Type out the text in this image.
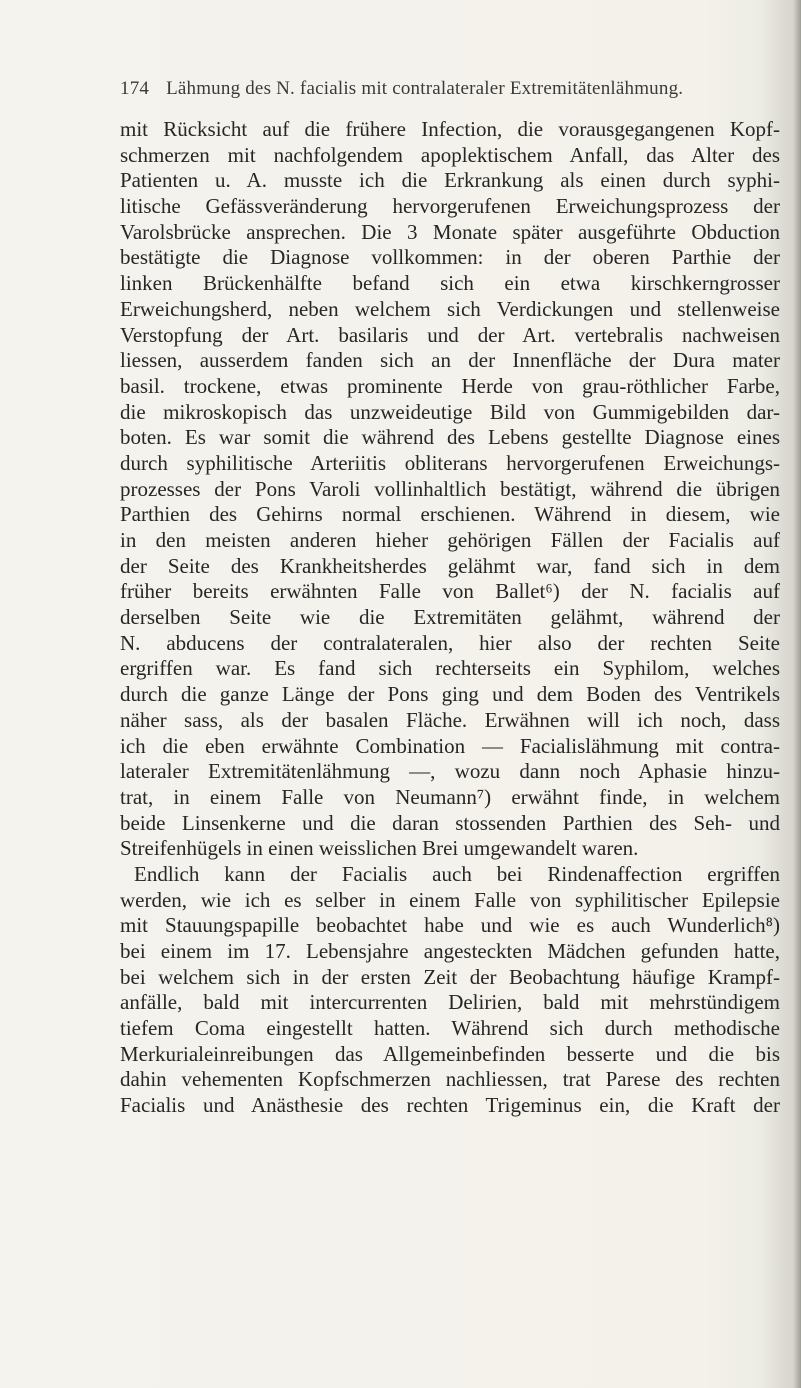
174 Lähmung des N. facialis mit contralateraler Extremitätenlähmung.
mit Rücksicht auf die frühere Infection, die vorausgegangenen Kopf-
schmerzen mit nachfolgendem apoplektischem Anfall, das Alter des
Patienten u. A. musste ich die Erkrankung als einen durch syphi-
litische Gefässveränderung hervorgerufenen Erweichungsprozess der
Varolsbrücke ansprechen. Die 3 Monate später ausgeführte Obduction
bestätigte die Diagnose vollkommen: in der oberen Parthie der
linken Brückenhälfte befand sich ein etwa kirschkerngrosser
Erweichungsherd, neben welchem sich Verdickungen und stellenweise
Verstopfung der Art. basilaris und der Art. vertebralis nachweisen
liessen, ausserdem fanden sich an der Innenfläche der Dura mater
basil. trockene, etwas prominente Herde von grau-röthlicher Farbe,
die mikroskopisch das unzweideutige Bild von Gummigebilden dar-
boten. Es war somit die während des Lebens gestellte Diagnose eines
durch syphilitische Arteriitis obliterans hervorgerufenen Erweichungs-
prozesses der Pons Varoli vollinhaltlich bestätigt, während die übrigen
Parthien des Gehirns normal erschienen. Während in diesem, wie
in den meisten anderen hieher gehörigen Fällen der Facialis auf
der Seite des Krankheitsherdes gelähmt war, fand sich in dem
früher bereits erwähnten Falle von Ballet⁶) der N. facialis auf
derselben Seite wie die Extremitäten gelähmt, während der
N. abducens der contralateralen, hier also der rechten Seite
ergriffen war. Es fand sich rechterseits ein Syphilom, welches
durch die ganze Länge der Pons ging und dem Boden des Ventrikels
näher sass, als der basalen Fläche. Erwähnen will ich noch, dass
ich die eben erwähnte Combination — Facialislähmung mit contra-
lateraler Extremitätenlähmung —, wozu dann noch Aphasie hinzu-
trat, in einem Falle von Neumann⁷) erwähnt finde, in welchem
beide Linsenkerne und die daran stossenden Parthien des Seh- und
Streifenhügels in einen weisslichen Brei umgewandelt waren.
Endlich kann der Facialis auch bei Rindenaffection ergriffen
werden, wie ich es selber in einem Falle von syphilitischer Epilepsie
mit Stauungspapille beobachtet habe und wie es auch Wunderlich⁸)
bei einem im 17. Lebensjahre angesteckten Mädchen gefunden hatte,
bei welchem sich in der ersten Zeit der Beobachtung häufige Krampf-
anfälle, bald mit intercurrenten Delirien, bald mit mehrstündigem
tiefem Coma eingestellt hatten. Während sich durch methodische
Merkurialeinreibungen das Allgemeinbefinden besserte und die bis
dahin vehementen Kopfschmerzen nachliessen, trat Parese des rechten
Facialis und Anästhesie des rechten Trigeminus ein, die Kraft der
